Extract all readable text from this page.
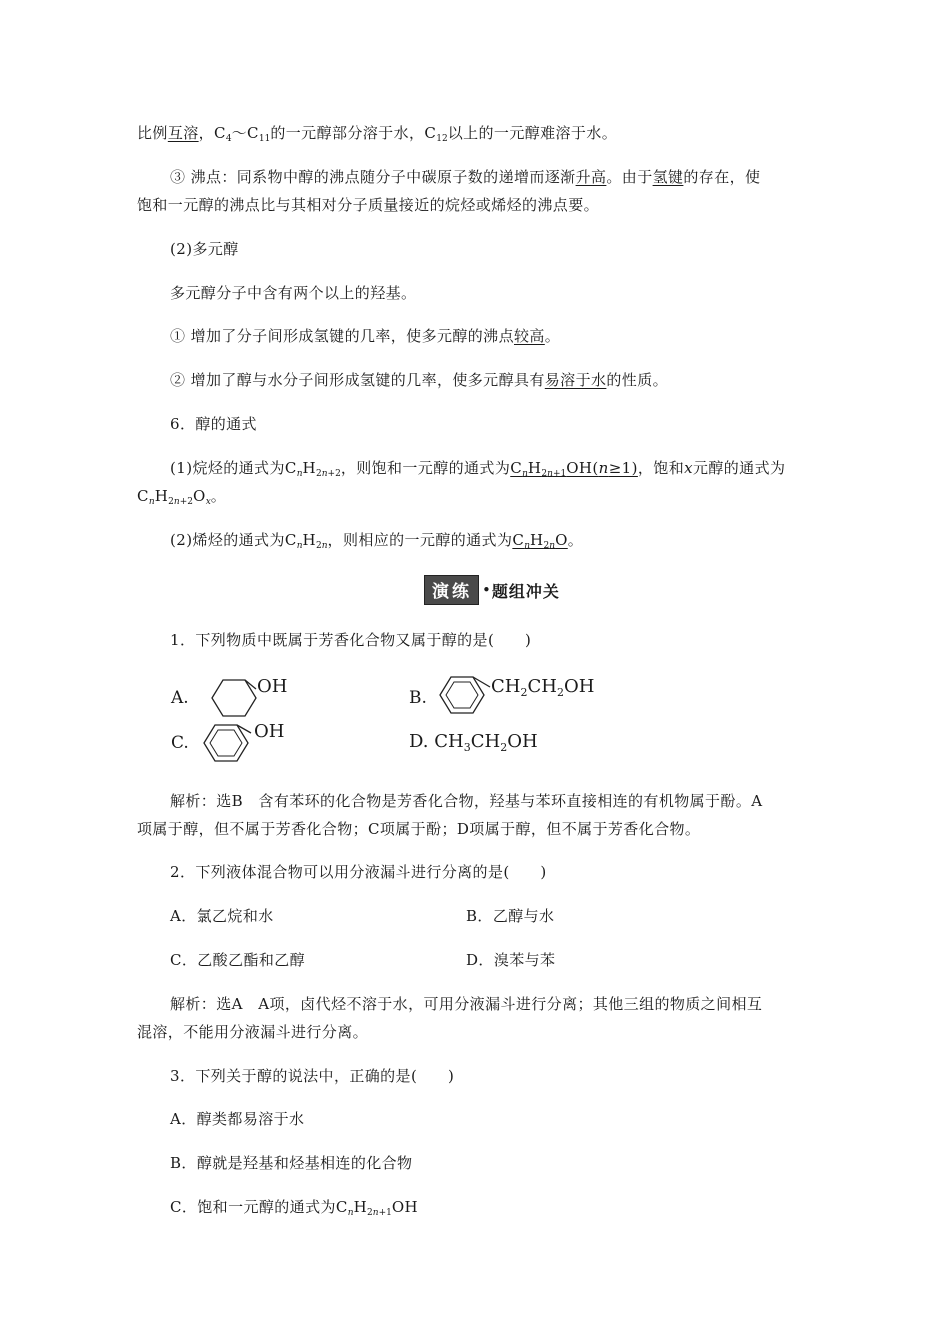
比例互溶，$C_4\sim C_{11}$的一元醇部分溶于水，$C_{12}$以上的一元醇难溶于水。
③ 沸点：同系物中醇的沸点随分子中碳原子数的递增而逐渐升高。由于氢键的存在，使
饱和一元醇的沸点比与其相对分子质量接近的烷烃或烯烃的沸点要。
(2)多元醇
多元醇分子中含有两个以上的羟基。
① 增加了分子间形成氢键的几率，使多元醇的沸点较高。
② 增加了醇与水分子间形成氢键的几率，使多元醇具有易溶于水的性质。
6．醇的通式
(1)烷烃的通式为$C_nH_{2n+2}$，则饱和一元醇的通式为$C_nH_{2n+1}OH(n\ge 1)$，饱和x元醇的通式为
$C_nH_{2n+2}O_x$。
(2)烯烃的通式为$C_nH_{2n}$，则相应的一元醇的通式为$C_nH_{2n}O$。
演练 • 题组冲关
1．下列物质中既属于芳香化合物又属于醇的是(　　)
A.
OH
B.
$CH_2CH_2OH$
C.
OH	D. $CH_3CH_2OH$
解析：选B　含有苯环的化合物是芳香化合物，羟基与苯环直接相连的有机物属于酚。A
项属于醇，但不属于芳香化合物；C项属于酚；D项属于醇，但不属于芳香化合物。
2．下列液体混合物可以用分液漏斗进行分离的是(　　)
A．氯乙烷和水	B．乙醇与水
C．乙酸乙酯和乙醇	D．溴苯与苯
解析：选A　A项，卤代烃不溶于水，可用分液漏斗进行分离；其他三组的物质之间相互
混溶，不能用分液漏斗进行分离。
3．下列关于醇的说法中，正确的是(　　)
A．醇类都易溶于水
B．醇就是羟基和烃基相连的化合物
C．饱和一元醇的通式为$C_nH_{2n+1}OH$
